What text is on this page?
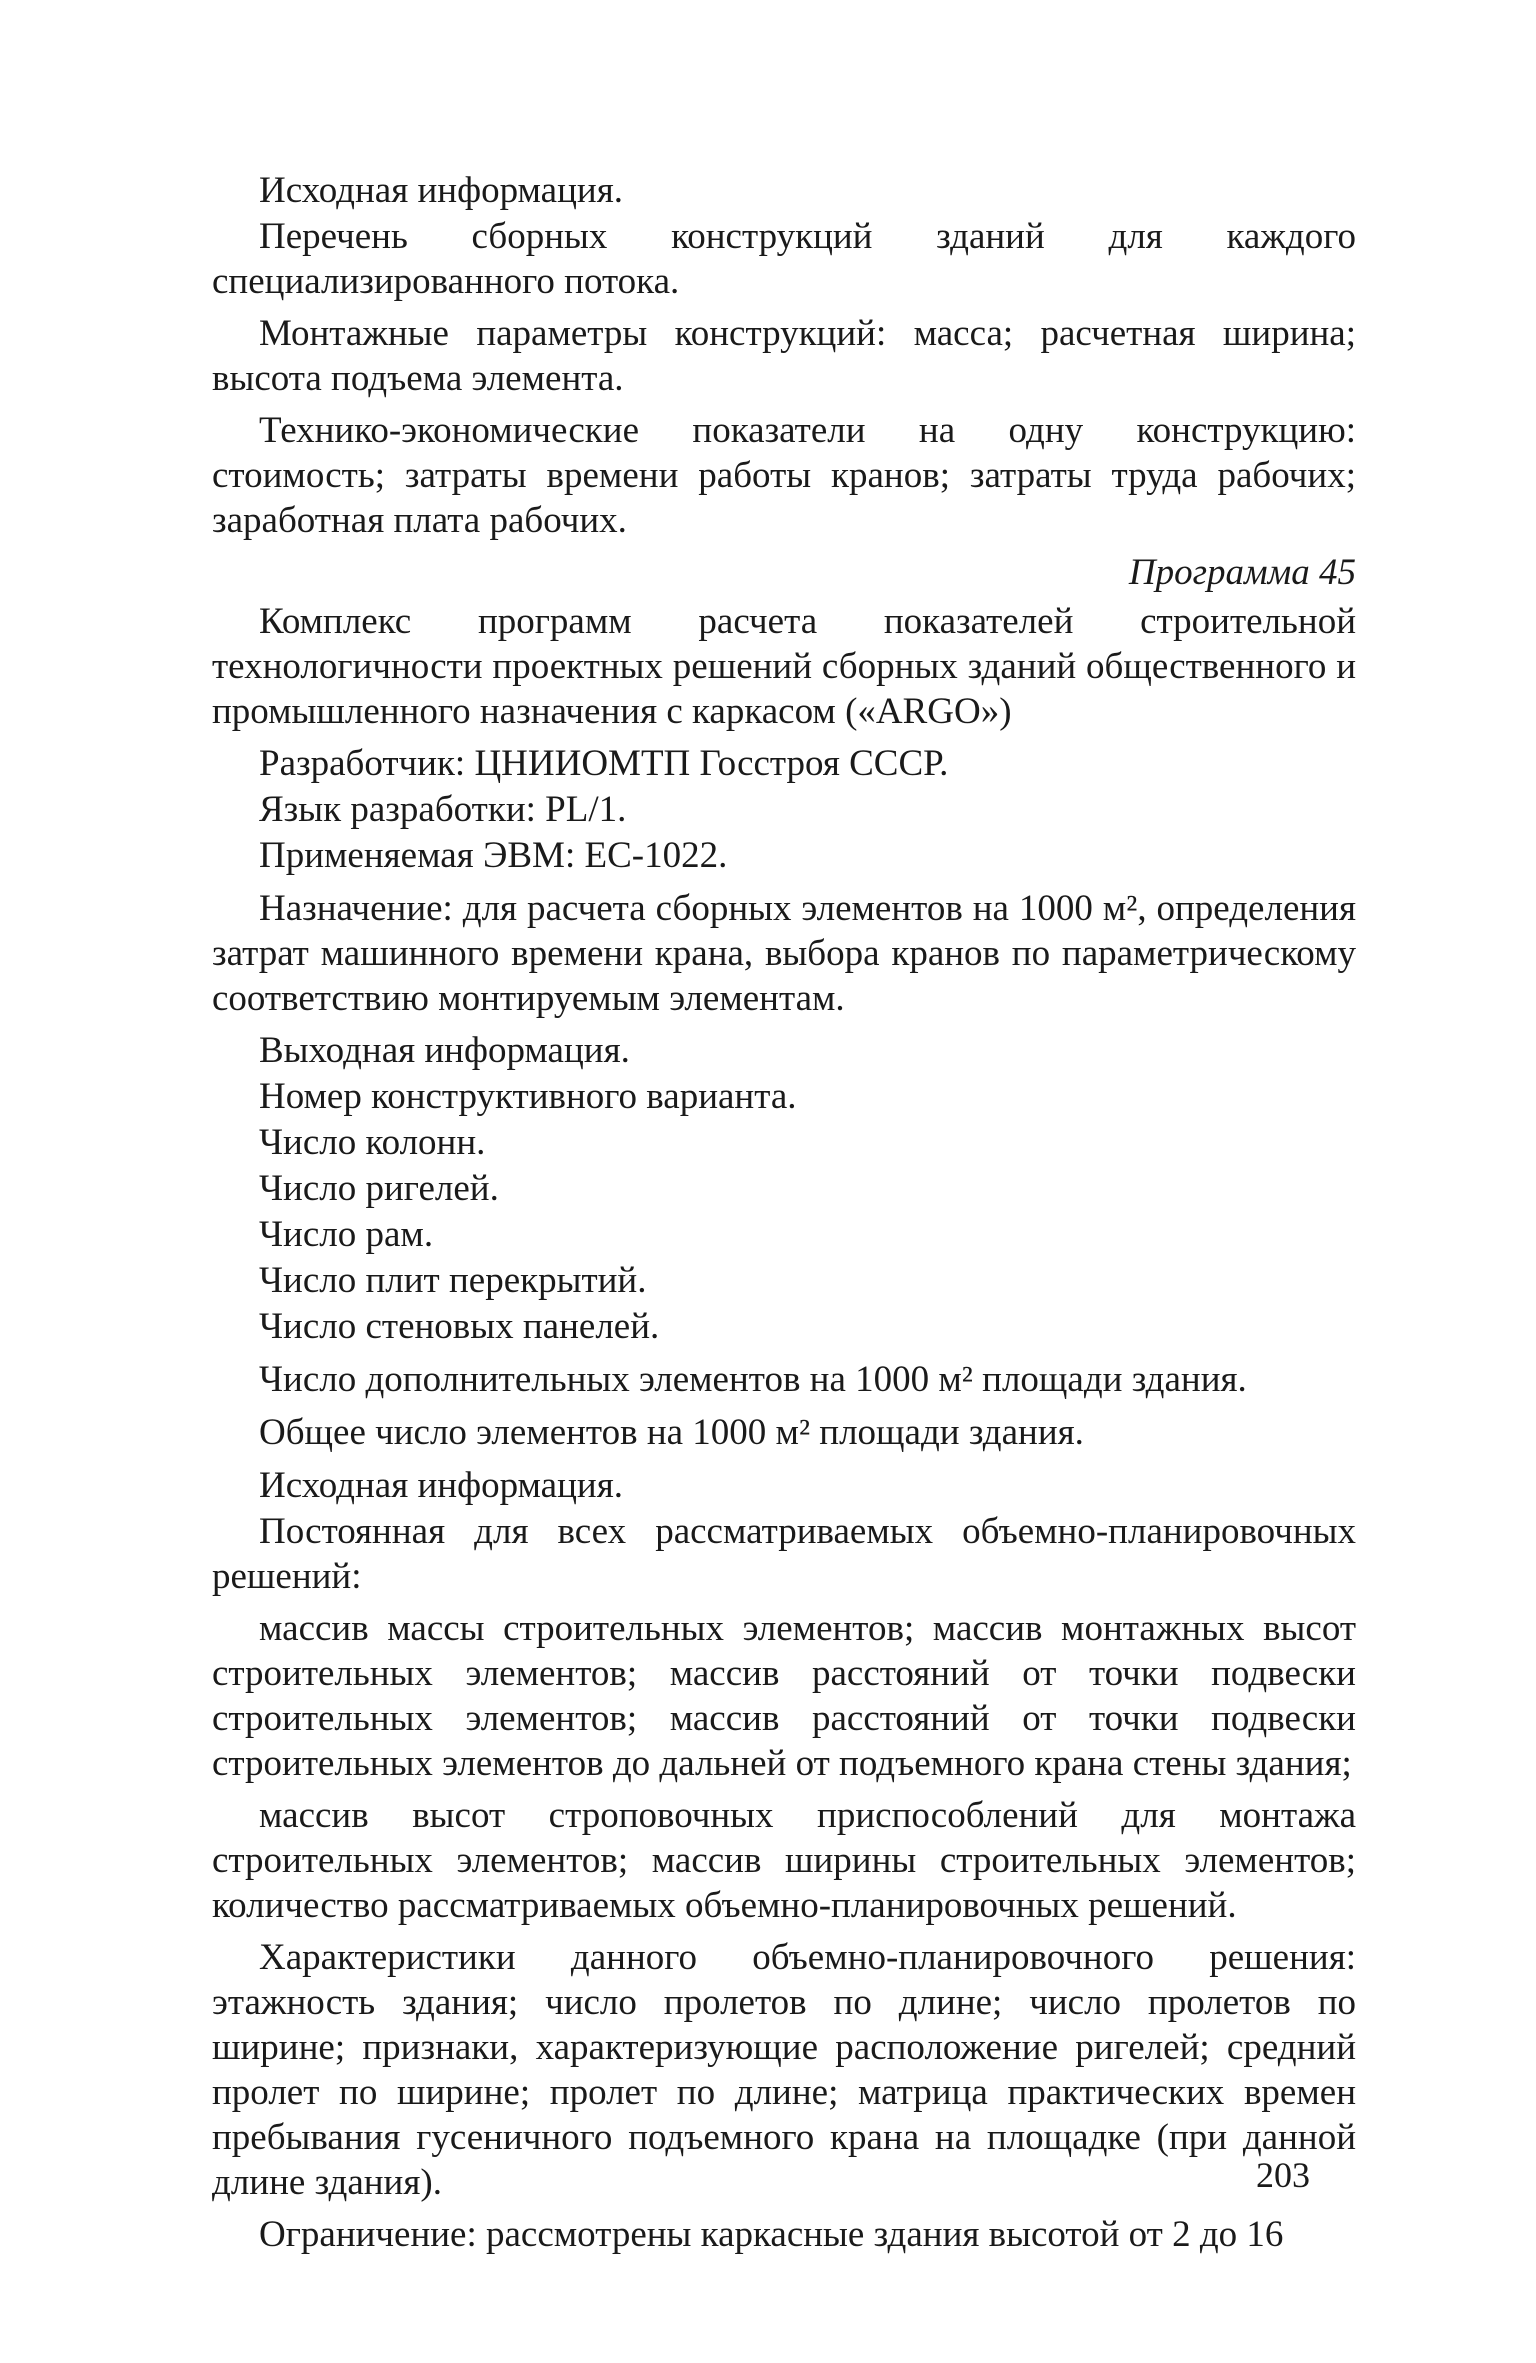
Исходная информация.

Перечень сборных конструкций зданий для каждого специализированного потока.

Монтажные параметры конструкций: масса; расчетная ширина; высота подъема элемента.

Технико-экономические показатели на одну конструкцию: стоимость; затраты времени работы кранов; затраты труда рабочих; заработная плата рабочих.

Программа 45

Комплекс программ расчета показателей строительной технологичности проектных решений сборных зданий общественного и промышленного назначения с каркасом («ARGO»)

Разработчик: ЦНИИОМТП Госстроя СССР.

Язык разработки: PL/1.

Применяемая ЭВМ: ЕС-1022.

Назначение: для расчета сборных элементов на 1000 м², определения затрат машинного времени крана, выбора кранов по параметрическому соответствию монтируемым элементам.

Выходная информация.

Номер конструктивного варианта.

Число колонн.

Число ригелей.

Число рам.

Число плит перекрытий.

Число стеновых панелей.

Число дополнительных элементов на 1000 м² площади здания.

Общее число элементов на 1000 м² площади здания.

Исходная информация.

Постоянная для всех рассматриваемых объемно-планировочных решений:

массив массы строительных элементов; массив монтажных высот строительных элементов; массив расстояний от точки подвески строительных элементов; массив расстояний от точки подвески строительных элементов до дальней от подъемного крана стены здания;

массив высот строповочных приспособлений для монтажа строительных элементов; массив ширины строительных элементов; количество рассматриваемых объемно-планировочных решений.

Характеристики данного объемно-планировочного решения: этажность здания; число пролетов по длине; число пролетов по ширине; признаки, характеризующие расположение ригелей; средний пролет по ширине; пролет по длине; матрица практических времен пребывания гусеничного подъемного крана на площадке (при данной длине здания).

Ограничение: рассмотрены каркасные здания высотой от 2 до 16

203
